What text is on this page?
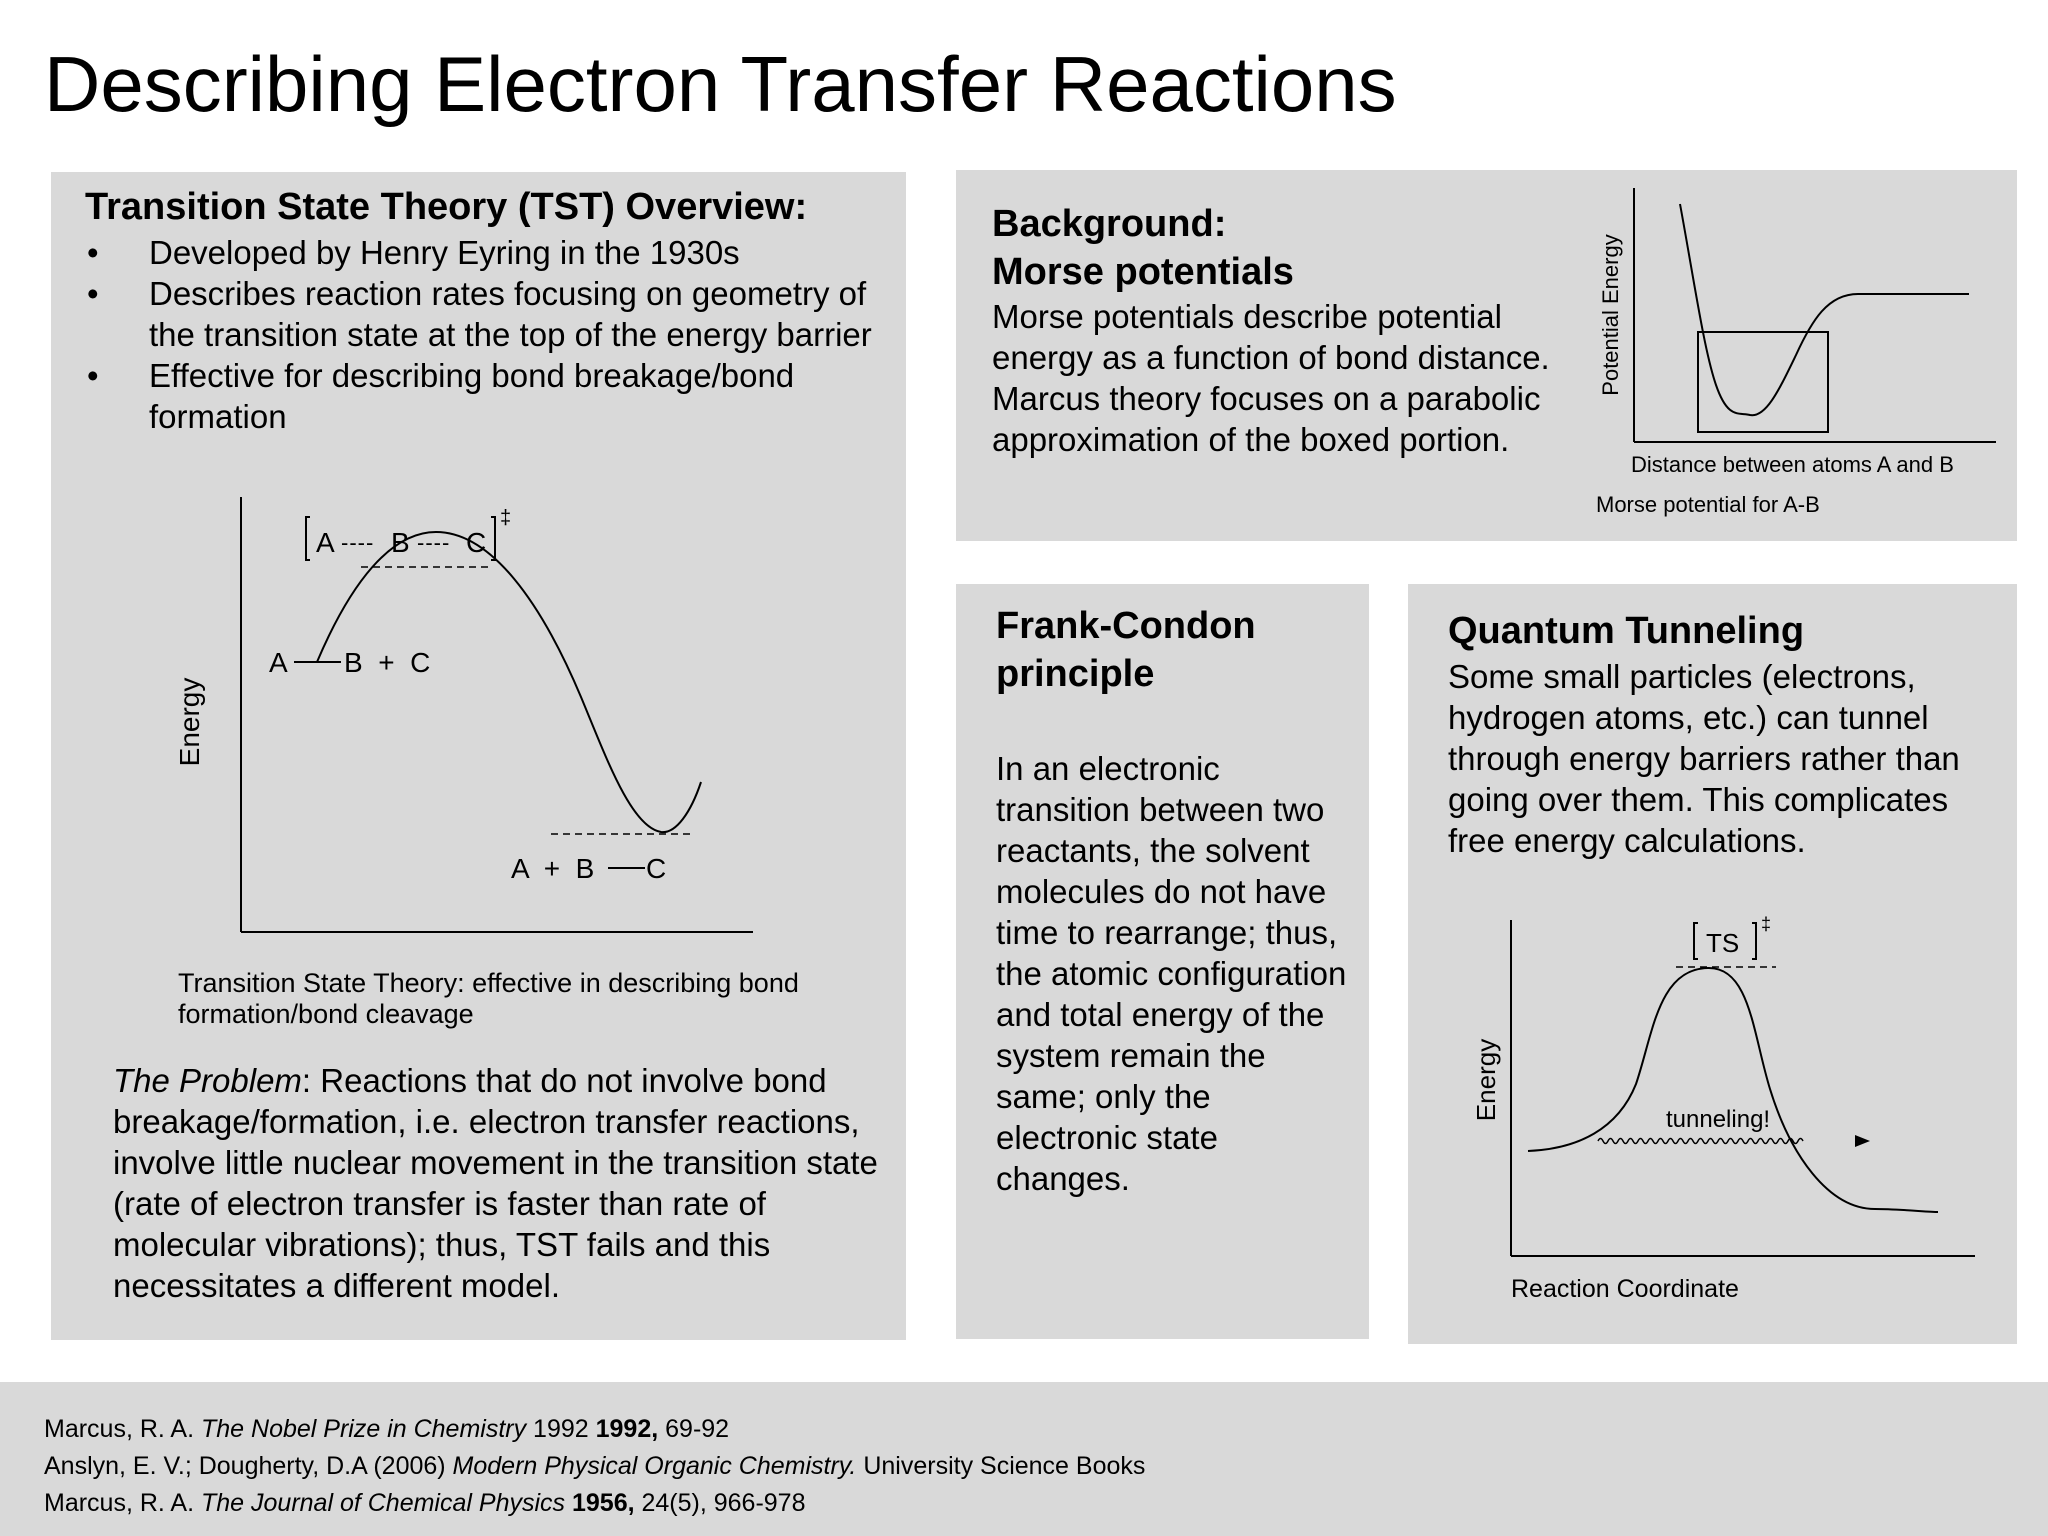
Describing Electron Transfer Reactions

Transition State Theory (TST) Overview:

• Developed by Henry Eyring in the 1930s
• Describes reaction rates focusing on geometry of the transition state at the top of the energy barrier
• Effective for describing bond breakage/bond formation
Energy
A ---- B ---- C
‡
A B  +  C
A  +  B C

Transition State Theory: effective in describing bond formation/bond cleavage

The Problem: Reactions that do not involve bond breakage/formation, i.e. electron transfer reactions, involve little nuclear movement in the transition state (rate of electron transfer is faster than rate of molecular vibrations); thus, TST fails and this necessitates a different model.

Background:
Morse potentials

Morse potentials describe potential energy as a function of bond distance. Marcus theory focuses on a parabolic approximation of the boxed portion.

Potential Energy
Distance between atoms A and B
Morse potential for A-B

Frank-Condon principle

In an electronic transition between two reactants, the solvent molecules do not have time to rearrange; thus, the atomic configuration and total energy of the system remain the same; only the electronic state changes.

Quantum Tunneling

Some small particles (electrons, hydrogen atoms, etc.) can tunnel through energy barriers rather than going over them. This complicates free energy calculations.

Energy
TS
‡
tunneling!
Reaction Coordinate

Marcus, R. A. The Nobel Prize in Chemistry 1992 1992, 69-92

Anslyn, E. V.; Dougherty, D.A (2006) Modern Physical Organic Chemistry. University Science Books

Marcus, R. A. The Journal of Chemical Physics 1956, 24(5), 966-978
